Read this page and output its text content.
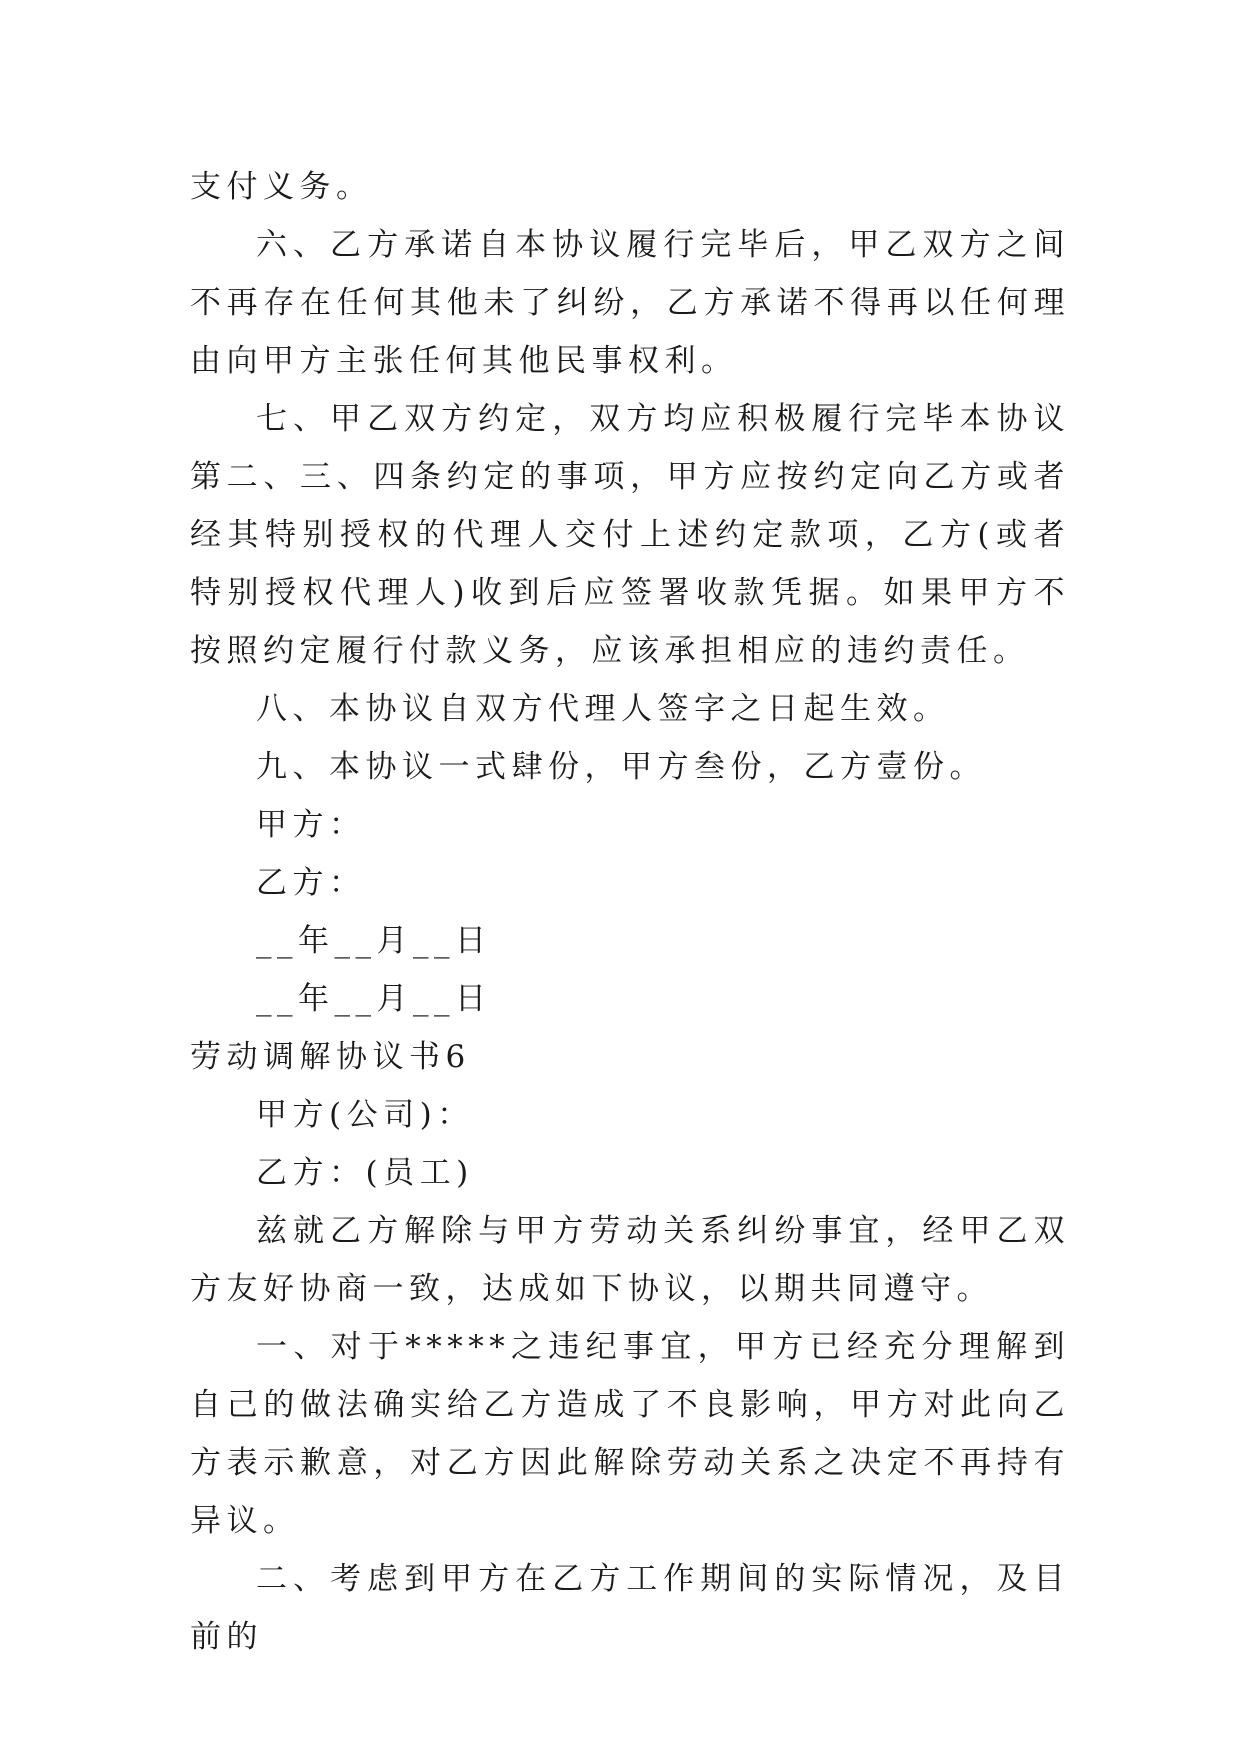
支付义务。

六、乙方承诺自本协议履行完毕后，甲乙双方之间不再存在任何其他未了纠纷，乙方承诺不得再以任何理由向甲方主张任何其他民事权利。

七、甲乙双方约定，双方均应积极履行完毕本协议第二、三、四条约定的事项，甲方应按约定向乙方或者经其特别授权的代理人交付上述约定款项，乙方(或者特别授权代理人)收到后应签署收款凭据。如果甲方不按照约定履行付款义务，应该承担相应的违约责任。

八、本协议自双方代理人签字之日起生效。

九、本协议一式肆份，甲方叁份，乙方壹份。

甲方：

乙方：

__年__月__日

__年__月__日

劳动调解协议书6

甲方(公司)：

乙方：(员工)

兹就乙方解除与甲方劳动关系纠纷事宜，经甲乙双方友好协商一致，达成如下协议，以期共同遵守。

一、对于*****之违纪事宜，甲方已经充分理解到自己的做法确实给乙方造成了不良影响，甲方对此向乙方表示歉意，对乙方因此解除劳动关系之决定不再持有异议。

二、考虑到甲方在乙方工作期间的实际情况，及目前的
